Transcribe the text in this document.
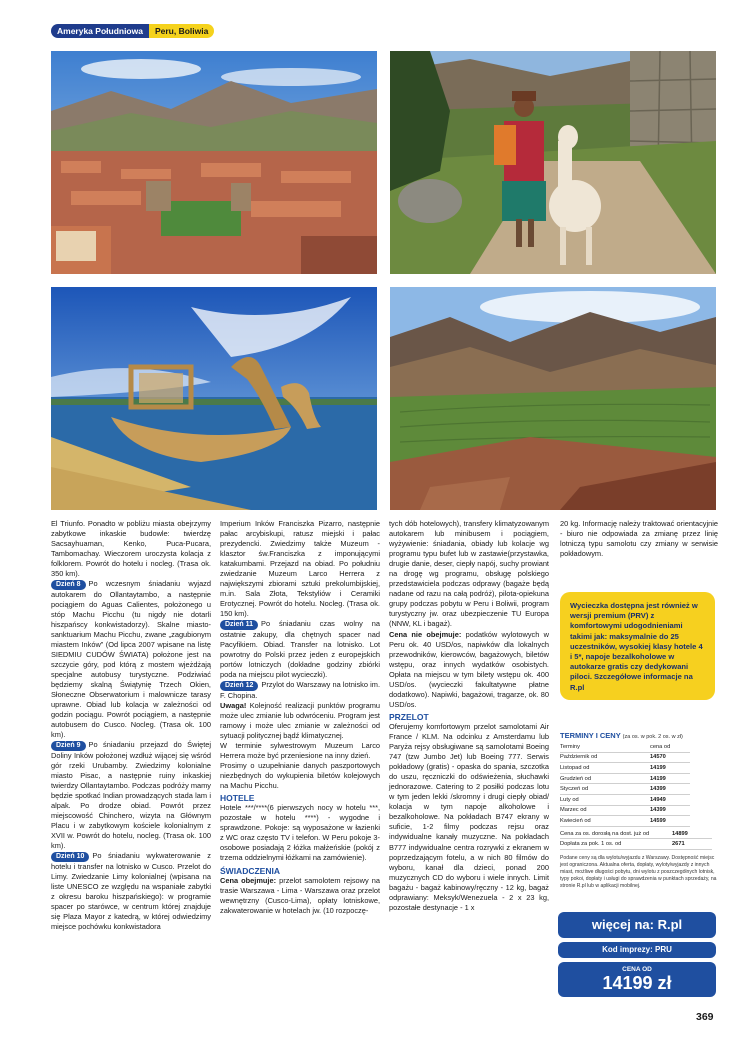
Ameryka Południowa	Peru, Boliwia

El Triunfo. Ponadto w pobliżu miasta obejrzymy zabytkowe inkaskie budowle: twierdzę Sacsayhuaman, Kenko, Puca-Pucara, Tambomachay. Wieczorem uroczysta kolacja z folklorem. Powrót do hotelu i nocleg. (Trasa ok. 350 km).

Dzień 8 Po wczesnym śniadaniu wyjazd autokarem do Ollantaytambo, a następnie pociągiem do Aguas Calientes, położonego u stóp Machu Picchu (tu nigdy nie dotarli hiszpańscy konkwistadorzy). Skalne miasto-sanktuarium Machu Picchu, zwane „zagubionym miastem Inków” (Od lipca 2007 wpisane na listę SIEDMIU CUDÓW ŚWIATA) położone jest na szczycie góry, pod którą z mostem wjeżdżają specjalne autobusy turystyczne. Podziwiać będziemy skalną Świątynię Trzech Okien, Słoneczne Obserwatorium i malownicze tarasy uprawne. Obiad lub kolacja w zależności od godzin pociągu. Powrót pociągiem, a następnie autobusem do Cusco. Nocleg. (Trasa ok. 100 km).

Dzień 9 Po śniadaniu przejazd do Świętej Doliny Inków położonej wzdłuż wijącej się wśród gór rzeki Urubamby. Zwiedzimy kolonialne miasto Pisac, a następnie ruiny inkaskiej twierdzy Ollantaytambo. Podczas podróży mamy będzie spotkać Indian prowadzących stada lam i alpak. Po drodze obiad. Powrót przez miejscowość Chinchero, wizyta na Głównym Placu i w zabytkowym kościele kolonialnym z XVII w. Powrót do hotelu, nocleg. (Trasa ok. 100 km).

Dzień 10 Po śniadaniu wykwaterowanie z hotelu i transfer na lotnisko w Cusco. Przelot do Limy. Zwiedzanie Limy kolonialnej (wpisana na liste UNESCO ze względu na wspaniałe zabytki z okresu baroku hiszpańskiego): w programie spacer po starówce, w centrum której znajduje się Plaza Mayor z katedrą, w której odwiedzimy miejsce pochówku konkwistadora

Imperium Inków Franciszka Pizarro, następnie pałac arcybiskupi, ratusz miejski i pałac prezydencki. Zwiedzimy także Muzeum - klasztor św.Franciszka z imponującymi katakumbami. Przejazd na obiad. Po południu zwiedzanie Muzeum Larco Herrera z największymi zbiorami sztuki prekolumbijskiej, m.in. Sala Złota, Tekstyliów i Ceramiki Erotycznej. Powrót do hotelu. Nocleg. (Trasa ok. 150 km).

Dzień 11 Po śniadaniu czas wolny na ostatnie zakupy, dla chętnych spacer nad Pacyfikiem. Obiad. Transfer na lotnisko. Lot powrotny do Polski przez jeden z europejskich portów lotniczych (dokładne godziny zbiórki poda na miejscu pilot wycieczki).

Dzień 12 Przylot do Warszawy na lotnisko im. F. Chopina.

Uwaga! Kolejność realizacji punktów programu może ulec zmianie lub odwróceniu. Program jest ramowy i może ulec zmianie w zależności od sytuacji politycznej bądź klimatycznej.

W terminie sylwestrowym Muzeum Larco Herrera może być przeniesione na inny dzień.

Prosimy o uzupełnianie danych paszportowych niezbędnych do wykupienia biletów kolejowych na Machu Picchu.

HOTELE

Hotele ***/****(6 pierwszych nocy w hotelu ***, pozostałe w hotelu ****) - wygodne i sprawdzone. Pokoje: są wyposażone w łazienki z WC oraz często TV i telefon. W Peru pokoje 3-osobowe posiadają 2 łóżka małżeńskie (pokój z trzema oddzielnymi łóżkami na zamówienie).

ŚWIADCZENIA

Cena obejmuje: przelot samolotem rejsowy na trasie Warszawa - Lima - Warszawa oraz przelot wewnętrzny (Cusco-Lima), opłaty lotniskowe, zakwaterowanie w hotelach jw. (10 rozpoczę-

tych dób hotelowych), transfery klimatyzowanym autokarem lub minibusem i pociągiem, wyżywienie: śniadania, obiady lub kolacje wg programu typu bufet lub w zastawie(przystawka, drugie danie, deser, ciepły napój, suchy prowiant na drogę wg programu, obsługę polskiego przedstawiciela podczas odprawy (bagaże będą nadane od razu na całą podróż), pilota-opiekuna grupy podczas pobytu w Peru i Boliwii, program turystyczny jw. oraz ubezpieczenie TU Europa (NNW, KL i bagaż).

Cena nie obejmuje: podatków wylotowych w Peru ok. 40 USD/os, napiwków dla lokalnych przewodników, kierowców, bagażowych, biletów wstępu, oraz innych wydatków osobistych. Opłata na miejscu w tym bilety wstępu ok. 400 USD/os. (wycieczki fakultatywne płatne dodatkowo). Napiwki, bagażowi, tragarze, ok. 80 USD/os.

PRZELOT

Oferujemy komfortowym przelot samolotami Air France / KLM. Na odcinku z Amsterdamu lub Paryża rejsy obsługiwane są samolotami Boeing 747 (tzw Jumbo Jet) lub Boeing 777. Serwis pokładowy (gratis) - opaska do spania, szczotka do uszu, ręczniczki do odświeżenia, słuchawki jednorazowe. Catering to 2 posiłki podczas lotu w tym jeden lekki /skromny i drugi ciepły obiad/ kolacja w tym napoje alkoholowe i bezalkoholowe. Na pokładach B747 ekrany w suficie, 1-2 filmy podczas rejsu oraz indywidualne kanały muzyczne. Na pokładach B777 indywidualne centra rozrywki z ekranem w poprzedzającym fotelu, a w nich 80 filmów do wyboru, kanał dla dzieci, ponad 200 muzycznych CD do wyboru i wiele innych. Limit bagażu - bagaż kabinowy/ręczny - 12 kg, bagaż odprawiany: Meksyk/Wenezuela - 2 x 23 kg, pozostałe destynacje - 1 x

20 kg. Informację należy traktować orientacyjnie - biuro nie odpowiada za zmianę przez linię lotniczą typu samolotu czy zmiany w serwisie pokładowym.

Wycieczka dostępna jest również w wersji premium (PRV) z komfortowymi udogodnieniami takimi jak: maksymalnie do 25 uczestników, wysokiej klasy hotele 4 i 5*, napoje bezalkoholowe w autokarze gratis czy dedykowani piloci. Szczegółowe informacje na R.pl
TERMINY I CENY (za os. w pok. 2 os. w zł)
Terminy	cena od
Październik od	14570
Listopad od	14199
Grudzień od	14199
Styczeń od	14399
Luty od	14949
Marzec od	14399
Kwiecień od	14599
Cena za os. dorosłą na dost. już od	14899
Dopłata za pok. 1 os. od	2671
Podane ceny są dla wylotu/wyjazdu z Warszawy. Dostępność miejsc jest ograniczona. Aktualna oferta, dopłaty, wyloty/wyjazdy z innych miast, możliwe długości pobytu, dni wylotu z poszczególnych lotnisk, typy pokoi, dopłaty i usługi do sprawdzenia w punktach sprzedaży, na stronie R.pl lub w aplikacji mobilnej.
więcej na: R.pl
Kod imprezy: PRU
CENA OD
14199 zł
369
